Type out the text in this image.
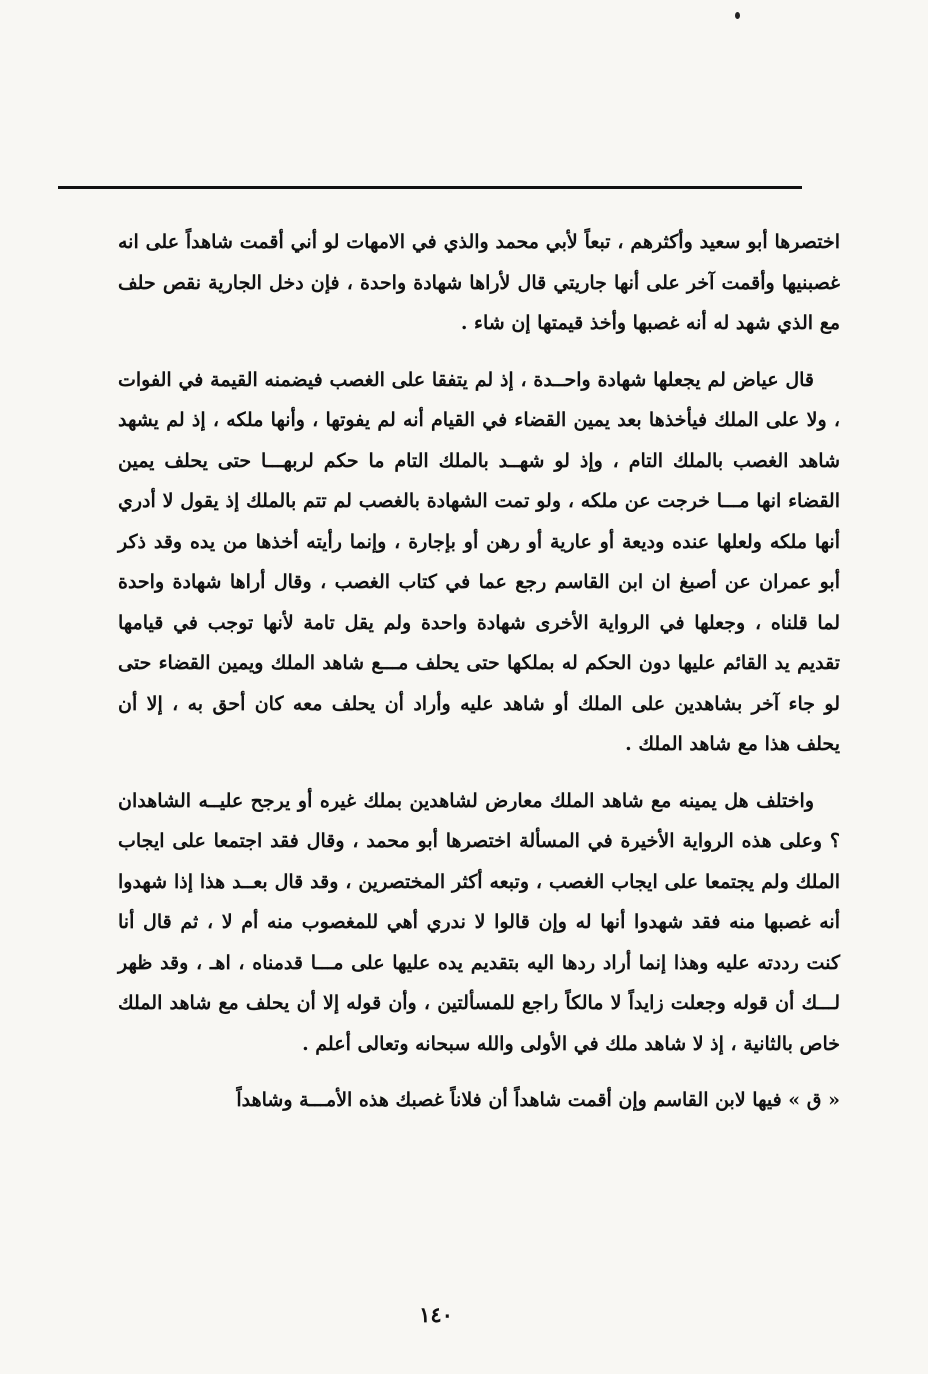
اختصرها أبو سعيد وأكثرهم ، تبعاً لأبي محمد والذي في الامهات لو أني أقمت شاهداً على انه غصبنيها وأقمت آخر على أنها جاريتي قال لأراها شهادة واحدة ، فإن دخل الجارية نقص حلف مع الذي شهد له أنه غصبها وأخذ قيمتها إن شاء .

قال عياض لم يجعلها شهادة واحــدة ، إذ لم يتفقا على الغصب فيضمنه القيمة في الفوات ، ولا على الملك فيأخذها بعد يمين القضاء في القيام أنه لم يفوتها ، وأنها ملكه ، إذ لم يشهد شاهد الغصب بالملك التام ، وإذ لو شهــد بالملك التام ما حكم لربهـــا حتى يحلف يمين القضاء انها مـــا خرجت عن ملكه ، ولو تمت الشهادة بالغصب لم تتم بالملك إذ يقول لا أدري أنها ملكه ولعلها عنده وديعة أو عارية أو رهن أو بإجارة ، وإنما رأيته أخذها من يده وقد ذكر أبو عمران عن أصبغ ان ابن القاسم رجع عما في كتاب الغصب ، وقال أراها شهادة واحدة لما قلناه ، وجعلها في الرواية الأخرى شهادة واحدة ولم يقل تامة لأنها توجب في قيامها تقديم يد القائم عليها دون الحكم له بملكها حتى يحلف مـــع شاهد الملك ويمين القضاء حتى لو جاء آخر بشاهدين على الملك أو شاهد عليه وأراد أن يحلف معه كان أحق به ، إلا أن يحلف هذا مع شاهد الملك .

واختلف هل يمينه مع شاهد الملك معارض لشاهدين بملك غيره أو يرجح عليــه الشاهدان ؟ وعلى هذه الرواية الأخيرة في المسألة اختصرها أبو محمد ، وقال فقد اجتمعا على ايجاب الملك ولم يجتمعا على ايجاب الغصب ، وتبعه أكثر المختصرين ، وقد قال بعــد هذا إذا شهدوا أنه غصبها منه فقد شهدوا أنها له وإن قالوا لا ندري أهي للمغصوب منه أم لا ، ثم قال أنا كنت رددته عليه وهذا إنما أراد ردها اليه بتقديم يده عليها على مـــا قدمناه ، اهـ ، وقد ظهر لـــك أن قوله وجعلت زايداً لا مالكاً راجع للمسألتين ، وأن قوله إلا أن يحلف مع شاهد الملك خاص بالثانية ، إذ لا شاهد ملك في الأولى والله سبحانه وتعالى أعلم .

« ق » فيها لابن القاسم وإن أقمت شاهداً أن فلاناً غصبك هذه الأمـــة وشاهداً

١٤٠
